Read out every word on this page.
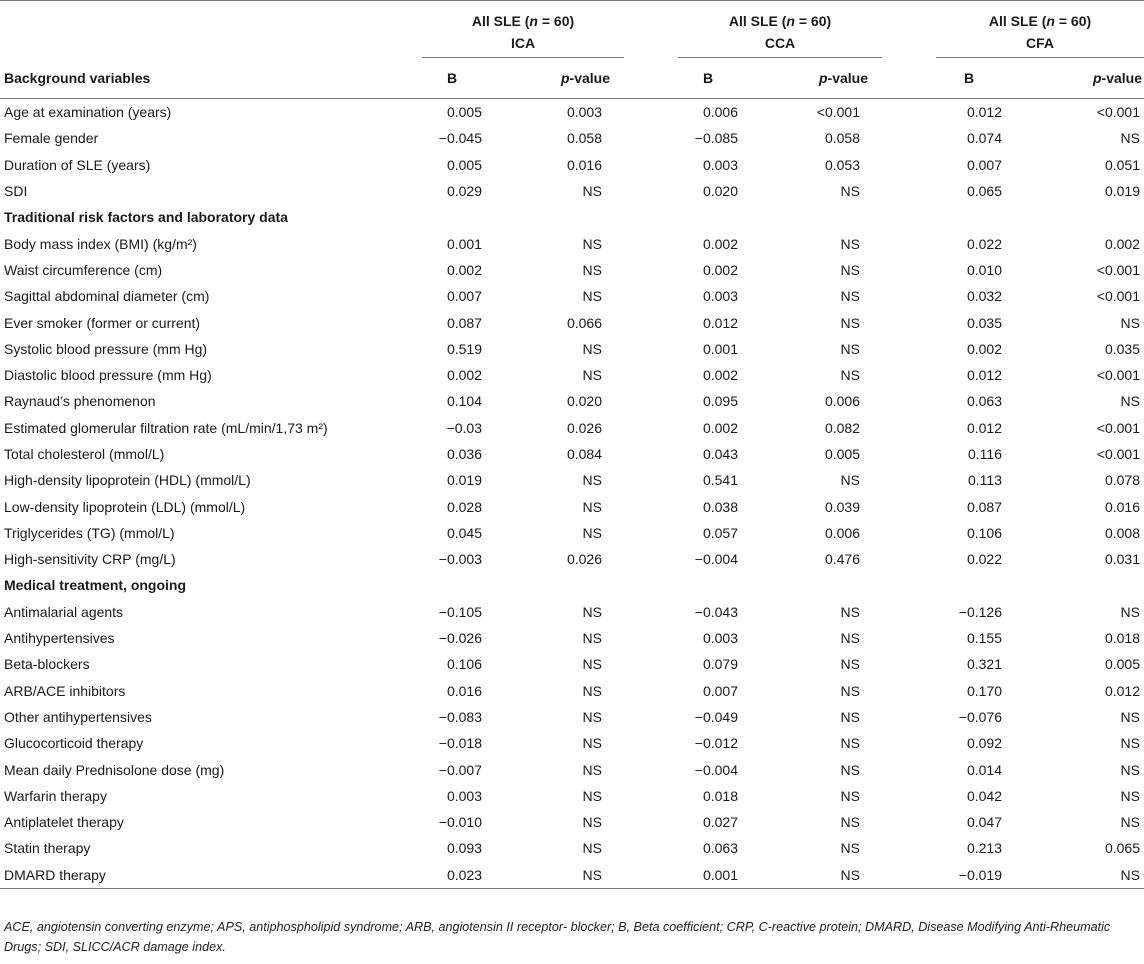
	All SLE (n = 60)			All SLE (n = 60)			All SLE (n = 60)	
	ICA			CCA			CFA	
Background variables	B	p-value		B	p-value		B	p-value
Age at examination (years)	0.005	0.003		0.006	<0.001		0.012	<0.001
Female gender	−0.045	0.058		−0.085	0.058		0.074	NS
Duration of SLE (years)	0.005	0.016		0.003	0.053		0.007	0.051
SDI	0.029	NS		0.020	NS		0.065	0.019
Traditional risk factors and laboratory data								
Body mass index (BMI) (kg/m²)	0.001	NS		0.002	NS		0.022	0.002
Waist circumference (cm)	0.002	NS		0.002	NS		0.010	<0.001
Sagittal abdominal diameter (cm)	0.007	NS		0.003	NS		0.032	<0.001
Ever smoker (former or current)	0.087	0.066		0.012	NS		0.035	NS
Systolic blood pressure (mm Hg)	0.519	NS		0.001	NS		0.002	0.035
Diastolic blood pressure (mm Hg)	0.002	NS		0.002	NS		0.012	<0.001
Raynaud’s phenomenon	0.104	0.020		0.095	0.006		0.063	NS
Estimated glomerular filtration rate (mL/min/1,73 m²)	−0.03	0.026		0.002	0.082		0.012	<0.001
Total cholesterol (mmol/L)	0.036	0.084		0.043	0.005		0.116	<0.001
High-density lipoprotein (HDL) (mmol/L)	0.019	NS		0.541	NS		0.113	0.078
Low-density lipoprotein (LDL) (mmol/L)	0.028	NS		0.038	0.039		0.087	0.016
Triglycerides (TG) (mmol/L)	0.045	NS		0.057	0.006		0.106	0.008
High-sensitivity CRP (mg/L)	−0.003	0.026		−0.004	0.476		0.022	0.031
Medical treatment, ongoing								
Antimalarial agents	−0.105	NS		−0.043	NS		−0.126	NS
Antihypertensives	−0.026	NS		0.003	NS		0.155	0.018
Beta-blockers	0.106	NS		0.079	NS		0.321	0.005
ARB/ACE inhibitors	0.016	NS		0.007	NS		0.170	0.012
Other antihypertensives	−0.083	NS		−0.049	NS		−0.076	NS
Glucocorticoid therapy	−0.018	NS		−0.012	NS		0.092	NS
Mean daily Prednisolone dose (mg)	−0.007	NS		−0.004	NS		0.014	NS
Warfarin therapy	0.003	NS		0.018	NS		0.042	NS
Antiplatelet therapy	−0.010	NS		0.027	NS		0.047	NS
Statin therapy	0.093	NS		0.063	NS		0.213	0.065
DMARD therapy	0.023	NS		0.001	NS		−0.019	NS
ACE, angiotensin converting enzyme; APS, antiphospholipid syndrome; ARB, angiotensin II receptor- blocker; B, Beta coefficient; CRP, C-reactive protein; DMARD, Disease Modifying Anti-Rheumatic Drugs; SDI, SLICC/ACR damage index.
